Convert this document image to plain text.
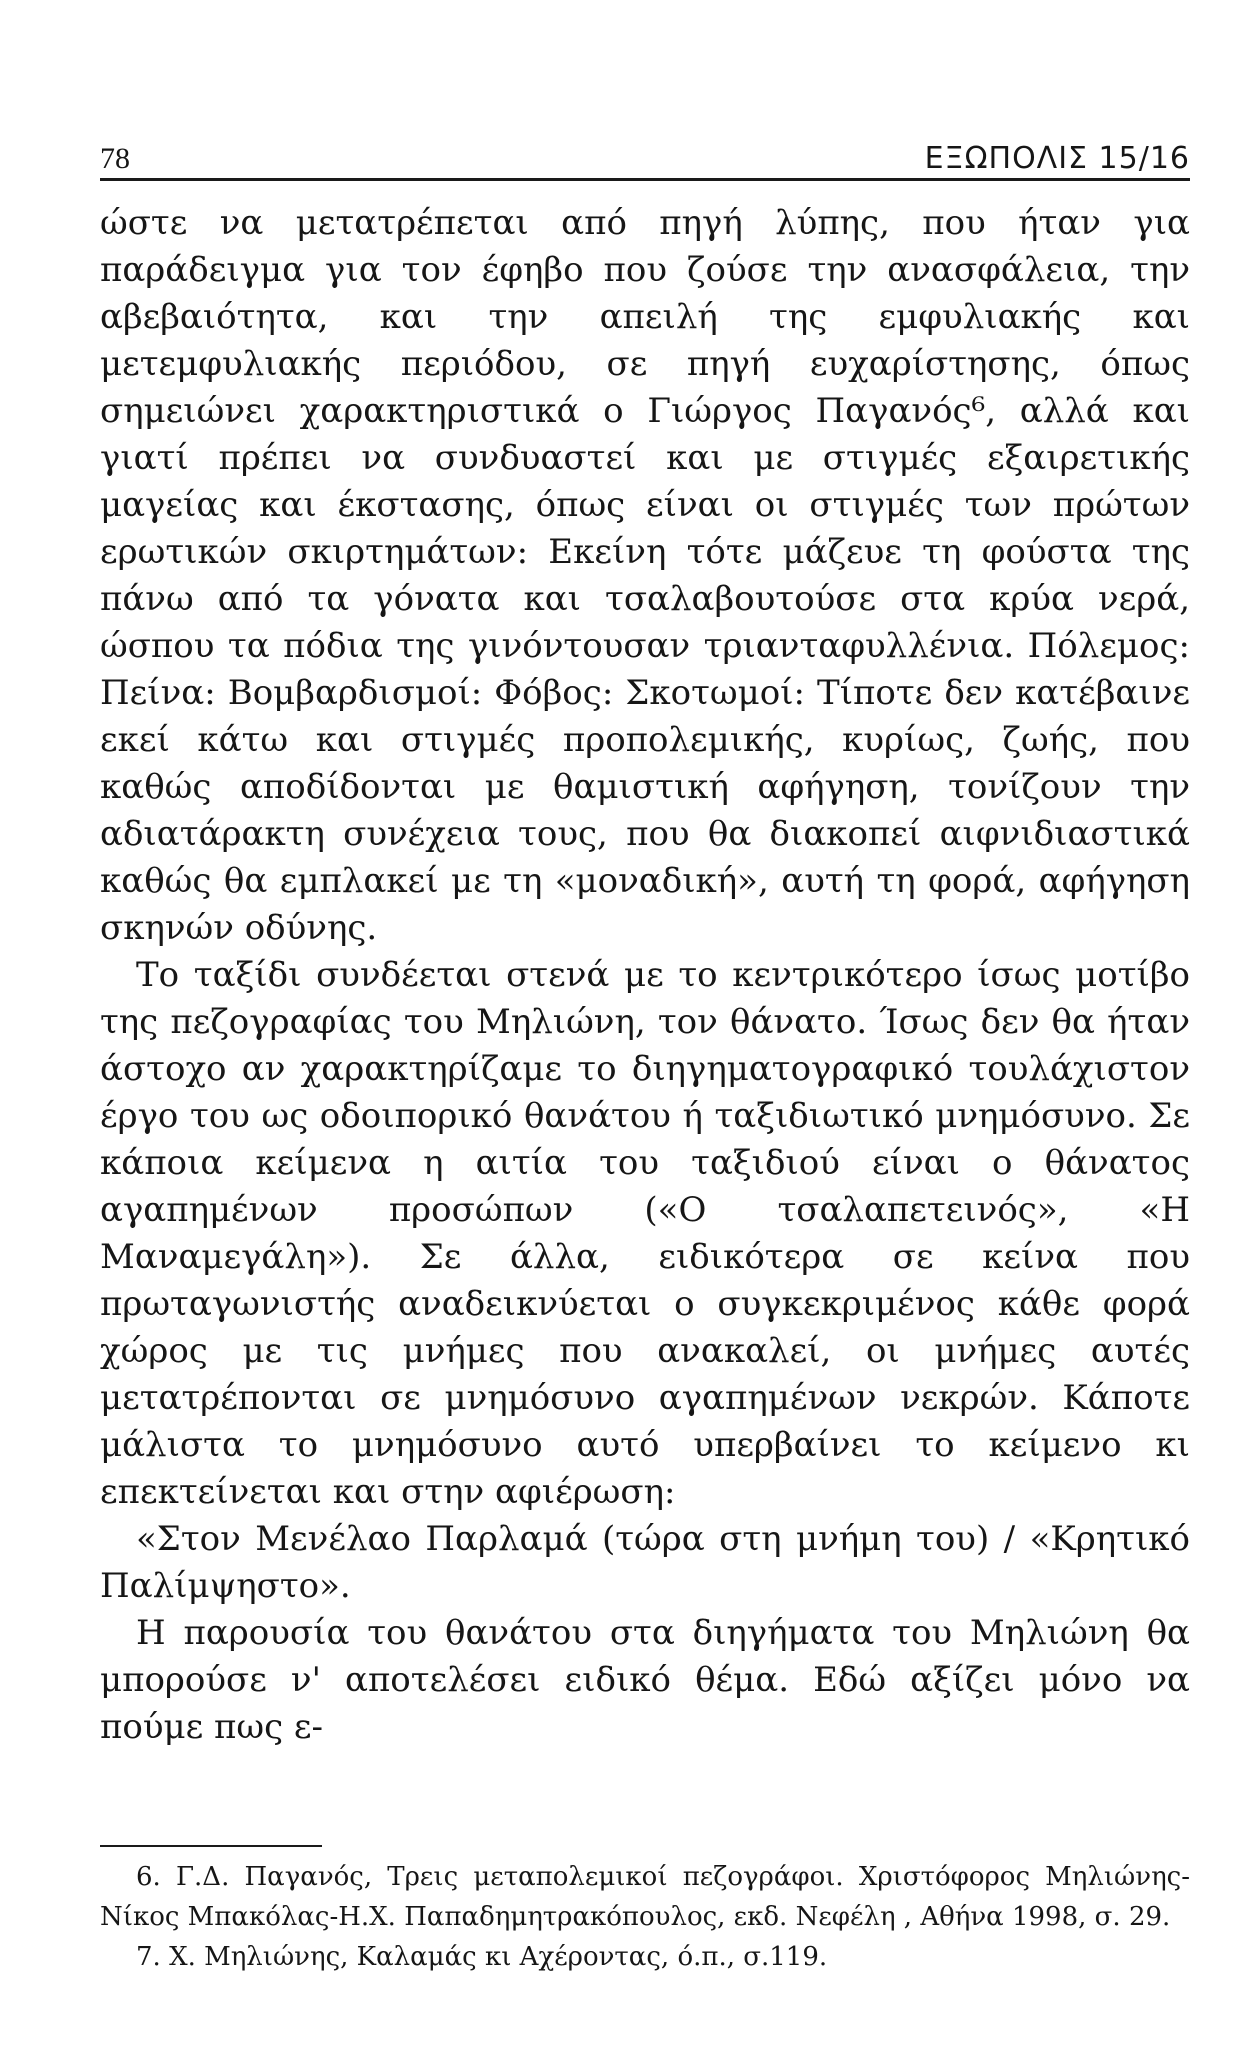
78	ΕΞΩΠΟΛΙΣ 15/16

ώστε να μετατρέπεται από πηγή λύπης, που ήταν για παράδειγμα για τον έφηβο που ζούσε την ανασφάλεια, την αβεβαιότητα, και την απειλή της εμφυλιακής και μετεμφυλιακής περιόδου, σε πηγή ευχαρίστησης, όπως σημειώνει χαρακτηριστικά ο Γιώργος Παγανός⁶, αλλά και γιατί πρέπει να συνδυαστεί και με στιγμές εξαιρετικής μαγείας και έκστασης, όπως είναι οι στιγμές των πρώτων ερωτικών σκιρτημάτων: Εκείνη τότε μάζευε τη φούστα της πάνω από τα γόνατα και τσαλαβουτούσε στα κρύα νερά, ώσπου τα πόδια της γινόντουσαν τριανταφυλλένια. Πόλεμος: Πείνα: Βομβαρδισμοί: Φόβος: Σκοτωμοί: Τίποτε δεν κατέβαινε εκεί κάτω και στιγμές προπολεμικής, κυρίως, ζωής, που καθώς αποδίδονται με θαμιστική αφήγηση, τονίζουν την αδιατάρακτη συνέχεια τους, που θα διακοπεί αιφνιδιαστικά καθώς θα εμπλακεί με τη «μοναδική», αυτή τη φορά, αφήγηση σκηνών οδύνης.

Το ταξίδι συνδέεται στενά με το κεντρικότερο ίσως μοτίβο της πεζογραφίας του Μηλιώνη, τον θάνατο. Ίσως δεν θα ήταν άστοχο αν χαρακτηρίζαμε το διηγηματογραφικό τουλάχιστον έργο του ως οδοιπορικό θανάτου ή ταξιδιωτικό μνημόσυνο. Σε κάποια κείμενα η αιτία του ταξιδιού είναι ο θάνατος αγαπημένων προσώπων («Ο τσαλαπετεινός», «Η Μαναμεγάλη»). Σε άλλα, ειδικότερα σε κείνα που πρωταγωνιστής αναδεικνύεται ο συγκεκριμένος κάθε φορά χώρος με τις μνήμες που ανακαλεί, οι μνήμες αυτές μετατρέπονται σε μνημόσυνο αγαπημένων νεκρών. Κάποτε μάλιστα το μνημόσυνο αυτό υπερβαίνει το κείμενο κι επεκτείνεται και στην αφιέρωση:

«Στον Μενέλαο Παρλαμά (τώρα στη μνήμη του) / «Κρητικό Παλίμψηστο».

Η παρουσία του θανάτου στα διηγήματα του Μηλιώνη θα μπορούσε ν' αποτελέσει ειδικό θέμα. Εδώ αξίζει μόνο να πούμε πως ε-

6. Γ.Δ. Παγανός, Τρεις μεταπολεμικοί πεζογράφοι. Χριστόφορος Μηλιώνης-Νίκος Μπακόλας-Η.Χ. Παπαδημητρακόπουλος, εκδ. Νεφέλη , Αθήνα 1998, σ. 29.

7. Χ. Μηλιώνης, Καλαμάς κι Αχέροντας, ό.π., σ.119.
